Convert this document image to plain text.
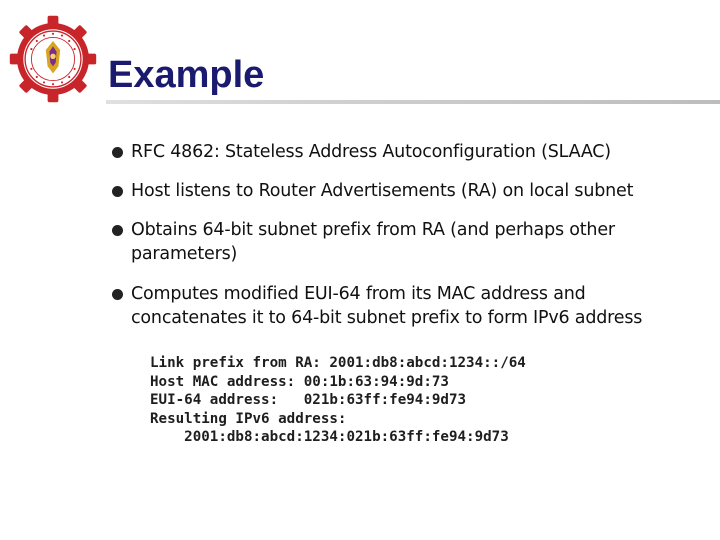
Example
RFC 4862: Stateless Address Autoconfiguration (SLAAC)
Host listens to Router Advertisements (RA) on local subnet
Obtains 64-bit subnet prefix from RA (and perhaps other parameters)
Computes modified EUI-64 from its MAC address and concatenates it to 64-bit subnet prefix to form IPv6 address
Link prefix from RA: 2001:db8:abcd:1234::/64
Host MAC address: 00:1b:63:94:9d:73
EUI-64 address:   021b:63ff:fe94:9d73
Resulting IPv6 address:
2001:db8:abcd:1234:021b:63ff:fe94:9d73
